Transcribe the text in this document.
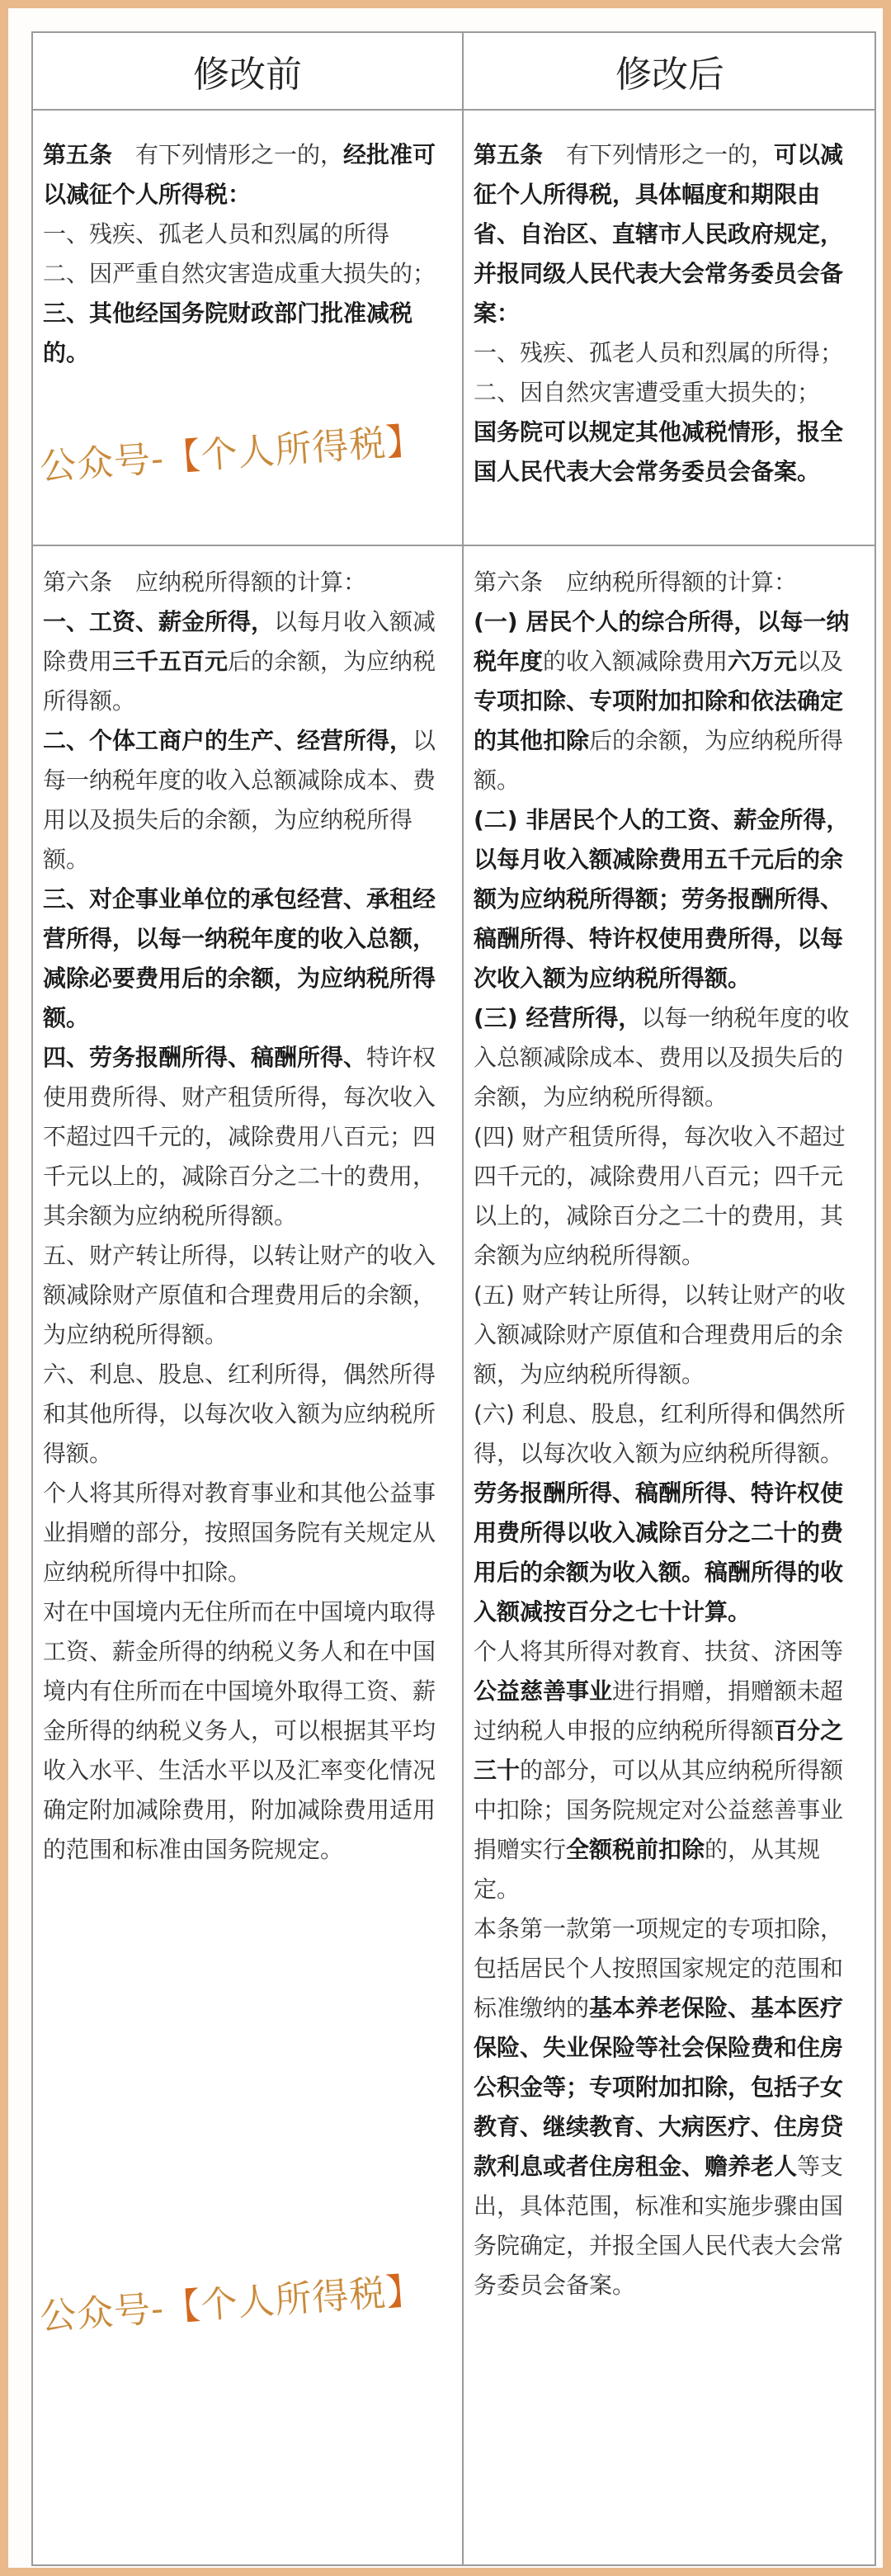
修改前	修改后

第五条　有下列情形之一的，经批准可以减征个人所得税：

一、残疾、孤老人员和烈属的所得

二、因严重自然灾害造成重大损失的；

三、其他经国务院财政部门批准减税的。

第五条　有下列情形之一的，可以减征个人所得税，具体幅度和期限由省、自治区、直辖市人民政府规定，并报同级人民代表大会常务委员会备案：

一、残疾、孤老人员和烈属的所得；

二、因自然灾害遭受重大损失的；

国务院可以规定其他减税情形，报全国人民代表大会常务委员会备案。

第六条　应纳税所得额的计算：

一、工资、薪金所得，以每月收入额减除费用三千五百元后的余额，为应纳税所得额。

二、个体工商户的生产、经营所得，以每一纳税年度的收入总额减除成本、费用以及损失后的余额，为应纳税所得额。

三、对企事业单位的承包经营、承租经营所得，以每一纳税年度的收入总额，减除必要费用后的余额，为应纳税所得额。

四、劳务报酬所得、稿酬所得、特许权使用费所得、财产租赁所得，每次收入不超过四千元的，减除费用八百元；四千元以上的，减除百分之二十的费用，其余额为应纳税所得额。

五、财产转让所得，以转让财产的收入额减除财产原值和合理费用后的余额，为应纳税所得额。

六、利息、股息、红利所得，偶然所得和其他所得，以每次收入额为应纳税所得额。

个人将其所得对教育事业和其他公益事业捐赠的部分，按照国务院有关规定从应纳税所得中扣除。

对在中国境内无住所而在中国境内取得工资、薪金所得的纳税义务人和在中国境内有住所而在中国境外取得工资、薪金所得的纳税义务人，可以根据其平均收入水平、生活水平以及汇率变化情况确定附加减除费用，附加减除费用适用的范围和标准由国务院规定。

第六条　应纳税所得额的计算：

(一) 居民个人的综合所得，以每一纳税年度的收入额减除费用六万元以及专项扣除、专项附加扣除和依法确定的其他扣除后的余额，为应纳税所得额。

(二) 非居民个人的工资、薪金所得，以每月收入额减除费用五千元后的余额为应纳税所得额；劳务报酬所得、稿酬所得、特许权使用费所得，以每次收入额为应纳税所得额。

(三) 经营所得，以每一纳税年度的收入总额减除成本、费用以及损失后的余额，为应纳税所得额。

(四) 财产租赁所得，每次收入不超过四千元的，减除费用八百元；四千元以上的，减除百分之二十的费用，其余额为应纳税所得额。

(五) 财产转让所得，以转让财产的收入额减除财产原值和合理费用后的余额，为应纳税所得额。

(六) 利息、股息，红利所得和偶然所得，以每次收入额为应纳税所得额。

劳务报酬所得、稿酬所得、特许权使用费所得以收入减除百分之二十的费用后的余额为收入额。稿酬所得的收入额减按百分之七十计算。

个人将其所得对教育、扶贫、济困等公益慈善事业进行捐赠，捐赠额未超过纳税人申报的应纳税所得额百分之三十的部分，可以从其应纳税所得额中扣除；国务院规定对公益慈善事业捐赠实行全额税前扣除的，从其规定。

本条第一款第一项规定的专项扣除，包括居民个人按照国家规定的范围和标准缴纳的基本养老保险、基本医疗保险、失业保险等社会保险费和住房公积金等；专项附加扣除，包括子女教育、继续教育、大病医疗、住房贷款利息或者住房租金、赡养老人等支出，具体范围，标准和实施步骤由国务院确定，并报全国人民代表大会常务委员会备案。

公众号-【个人所得税】
公众号-【个人所得税】
